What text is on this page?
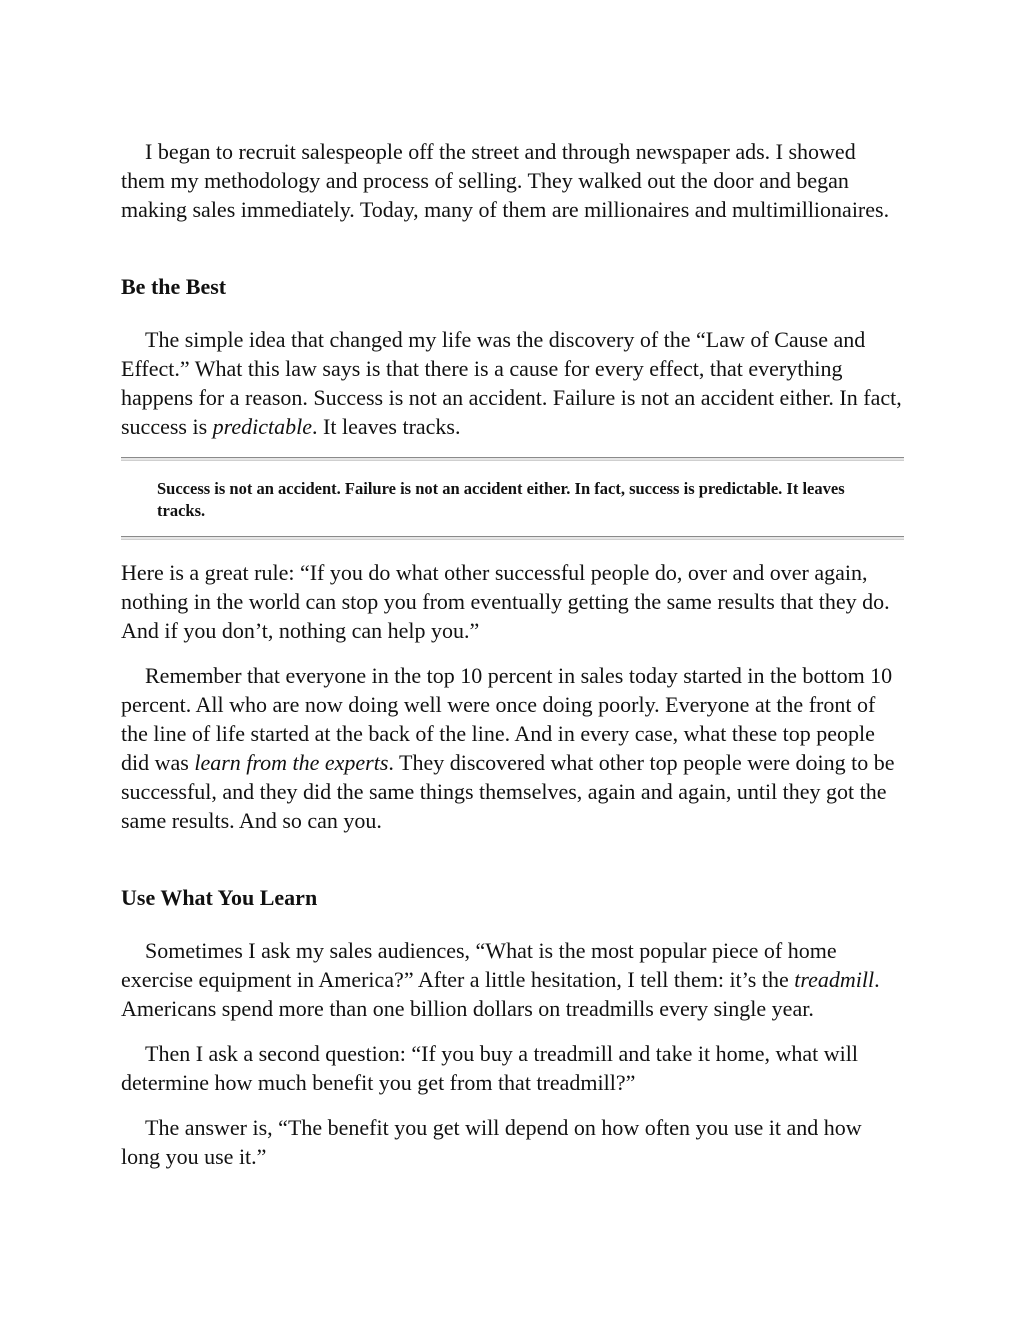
I began to recruit salespeople off the street and through newspaper ads. I showed them my methodology and process of selling. They walked out the door and began making sales immediately. Today, many of them are millionaires and multimillionaires.

Be the Best

The simple idea that changed my life was the discovery of the “Law of Cause and Effect.” What this law says is that there is a cause for every effect, that everything happens for a reason. Success is not an accident. Failure is not an accident either. In fact, success is predictable. It leaves tracks.

Success is not an accident. Failure is not an accident either. In fact, success is predictable. It leaves tracks.

Here is a great rule: “If you do what other successful people do, over and over again, nothing in the world can stop you from eventually getting the same results that they do. And if you don’t, nothing can help you.”

Remember that everyone in the top 10 percent in sales today started in the bottom 10 percent. All who are now doing well were once doing poorly. Everyone at the front of the line of life started at the back of the line. And in every case, what these top people did was learn from the experts. They discovered what other top people were doing to be successful, and they did the same things themselves, again and again, until they got the same results. And so can you.

Use What You Learn

Sometimes I ask my sales audiences, “What is the most popular piece of home exercise equipment in America?” After a little hesitation, I tell them: it’s the treadmill. Americans spend more than one billion dollars on treadmills every single year.

Then I ask a second question: “If you buy a treadmill and take it home, what will determine how much benefit you get from that treadmill?”

The answer is, “The benefit you get will depend on how often you use it and how long you use it.”
